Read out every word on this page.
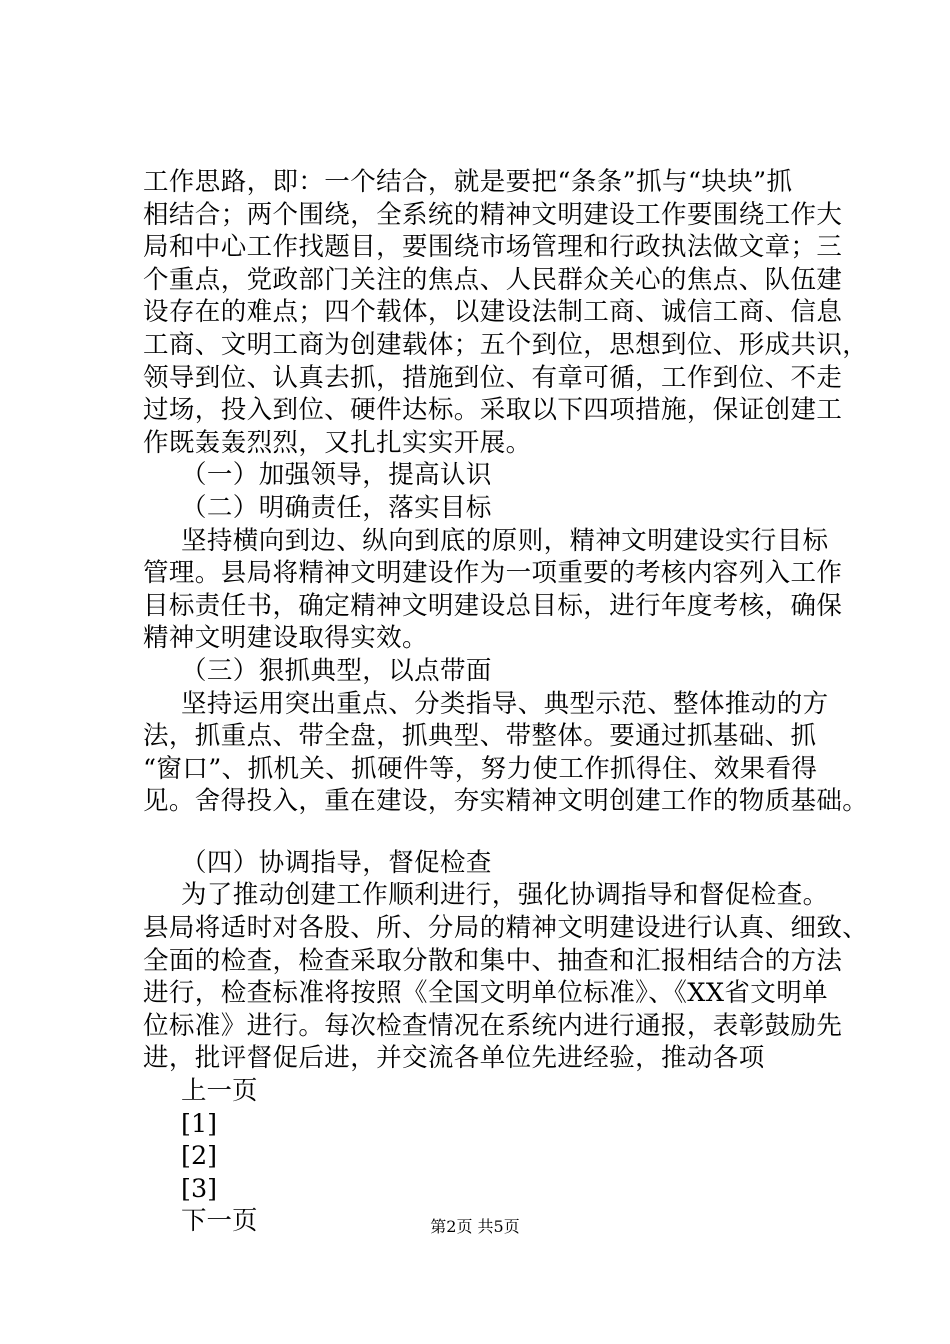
工作思路，即：一个结合，就是要把“条条”抓与“块块”抓
相结合；两个围绕，全系统的精神文明建设工作要围绕工作大
局和中心工作找题目，要围绕市场管理和行政执法做文章；三
个重点，党政部门关注的焦点、人民群众关心的焦点、队伍建
设存在的难点；四个载体，以建设法制工商、诚信工商、信息
工商、文明工商为创建载体；五个到位，思想到位、形成共识，
领导到位、认真去抓，措施到位、有章可循，工作到位、不走
过场，投入到位、硬件达标。采取以下四项措施，保证创建工
作既轰轰烈烈，又扎扎实实开展。
（一）加强领导，提高认识
（二）明确责任，落实目标
坚持横向到边、纵向到底的原则，精神文明建设实行目标
管理。县局将精神文明建设作为一项重要的考核内容列入工作
目标责任书，确定精神文明建设总目标，进行年度考核，确保
精神文明建设取得实效。
（三）狠抓典型，以点带面
坚持运用突出重点、分类指导、典型示范、整体推动的方
法，抓重点、带全盘，抓典型、带整体。要通过抓基础、抓
“窗口”、抓机关、抓硬件等，努力使工作抓得住、效果看得
见。舍得投入，重在建设，夯实精神文明创建工作的物质基础。
（四）协调指导，督促检查
为了推动创建工作顺利进行，强化协调指导和督促检查。
县局将适时对各股、所、分局的精神文明建设进行认真、细致、
全面的检查，检查采取分散和集中、抽查和汇报相结合的方法
进行，检查标准将按照《全国文明单位标准》、《XX省文明单
位标准》进行。每次检查情况在系统内进行通报，表彰鼓励先
进，批评督促后进，并交流各单位先进经验，推动各项
上一页
[1]
[2]
[3]
下一页	第2页 共5页
